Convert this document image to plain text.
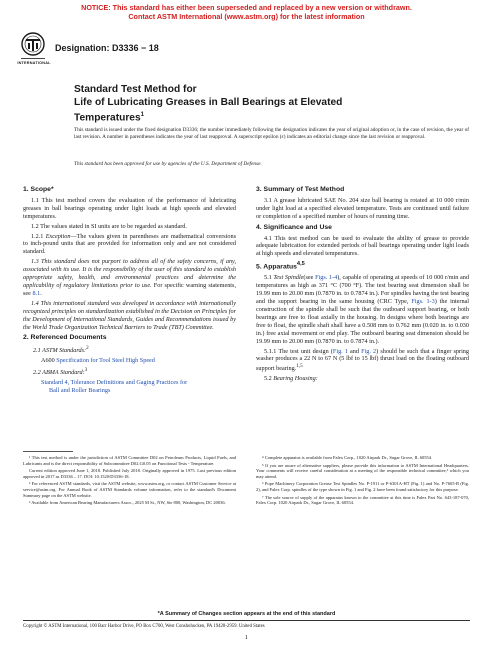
NOTICE: This standard has either been superseded and replaced by a new version or withdrawn.
Contact ASTM International (www.astm.org) for the latest information
INTERNATIONAL
Designation: D3336 − 18
Standard Test Method for
Life of Lubricating Greases in Ball Bearings at Elevated
Temperatures$^1$
This standard is issued under the fixed designation D3336; the number immediately following the designation indicates the year of original adoption or, in the case of revision, the year of last revision. A number in parentheses indicates the year of last reapproval. A superscript epsilon (ε) indicates an editorial change since the last revision or reapproval.
This standard has been approved for use by agencies of the U.S. Department of Defense.
1. Scope*

1.1 This test method covers the evaluation of the performance of lubricating greases in ball bearings operating under light loads at high speeds and elevated temperatures.

1.2 The values stated in SI units are to be regarded as standard.

1.2.1 Exception—The values given in parentheses are mathematical conversions to inch-pound units that are provided for information only and are not considered standard.

1.3 This standard does not purport to address all of the safety concerns, if any, associated with its use. It is the responsibility of the user of this standard to establish appropriate safety, health, and environmental practices and determine the applicability of regulatory limitations prior to use. For specific warning statements, see 8.1.

1.4 This international standard was developed in accordance with internationally recognized principles on standardization established in the Decision on Principles for the Development of International Standards, Guides and Recommendations issued by the World Trade Organization Technical Barriers to Trade (TBT) Committee.

2. Referenced Documents

2.1 ASTM Standards:$^2$

A600 Specification for Tool Steel High Speed

2.2 ABMA Standard:$^3$

Standard 4, Tolerance Definitions and Gaging Practices for
Ball and Roller Bearings

3. Summary of Test Method

3.1 A grease lubricated SAE No. 204 size ball bearing is rotated at 10 000 r/min under light load at a specified elevated temperature. Tests are continued until failure or completion of a specified number of hours of running time.

4. Significance and Use

4.1 This test method can be used to evaluate the ability of grease to provide adequate lubrication for extended periods of ball bearings operating under light loads at high speeds and elevated temperatures.

5. Apparatus$^{4,5}$

5.1 Test Spindle(see Figs. 1-4), capable of operating at speeds of 10 000 r/min and temperatures as high as 371 °C (700 °F). The test bearing seat dimension shall be 19.99 mm to 20.00 mm (0.7870 in. to 0.7874 in.). For spindles having the test bearing and the support bearing in the same housing (CRC Type, Figs. 1-3) the internal construction of the spindle shall be such that the outboard support bearing, or both bearings are free to float axially in the housing. In designs where both bearings are free to float, the spindle shaft shall have a 0.508 mm to 0.762 mm (0.020 in. to 0.030 in.) free axial movement or end play. The outboard bearing seat dimension should be 19.99 mm to 20.00 mm (0.7870 in. to 0.7874 in.).

5.1.1 The test unit design (Fig. 1 and Fig. 2) should be such that a finger spring washer produces a 22 N to 67 N (5 lbf to 15 lbf) thrust load on the floating outboard support bearing.$^{1,5}$

5.2 Bearing Housing:

¹ This test method is under the jurisdiction of ASTM Committee D02 on Petroleum Products, Liquid Fuels, and Lubricants and is the direct responsibility of Subcommittee D02.G0.05 on Functional Tests - Temperature.

Current edition approved June 1, 2018. Published July 2018. Originally approved in 1975. Last previous edition approved in 2017 as D3336 – 17. DOI: 10.1520/D3336-18.

² For referenced ASTM standards, visit the ASTM website, www.astm.org, or contact ASTM Customer Service at service@astm.org. For Annual Book of ASTM Standards volume information, refer to the standard's Document Summary page on the ASTM website.

³ Available from American Bearing Manufacturers Assoc., 2025 M St., NW, Ste 800, Washington, DC 20036.

⁴ Complete apparatus is available from Falex Corp., 1020 Airpark Dr., Sugar Grove, IL 60554.

⁵ If you are aware of alternative suppliers, please provide this information to ASTM International Headquarters. Your comments will receive careful consideration at a meeting of the responsible technical committee,¹ which you may attend.

⁶ Pope Machinery Corporation Grease Test Spindles No. P-1911 or P-6301A-HT (Fig. 1) and No. P-7605-B (Fig. 2), and Falex Corp. spindles of the type shown in Fig. 1 and Fig. 2 have been found satisfactory for this purpose.

⁷ The sole source of supply of the apparatus known to the committee at this time is Falex Part No. 643-187-070, Falex Corp. 1020 Airpark Dr., Sugar Grove, IL 60554.

*A Summary of Changes section appears at the end of this standard
Copyright © ASTM International, 100 Barr Harbor Drive, PO Box C700, West Conshohocken, PA 19428-2959. United States
1
